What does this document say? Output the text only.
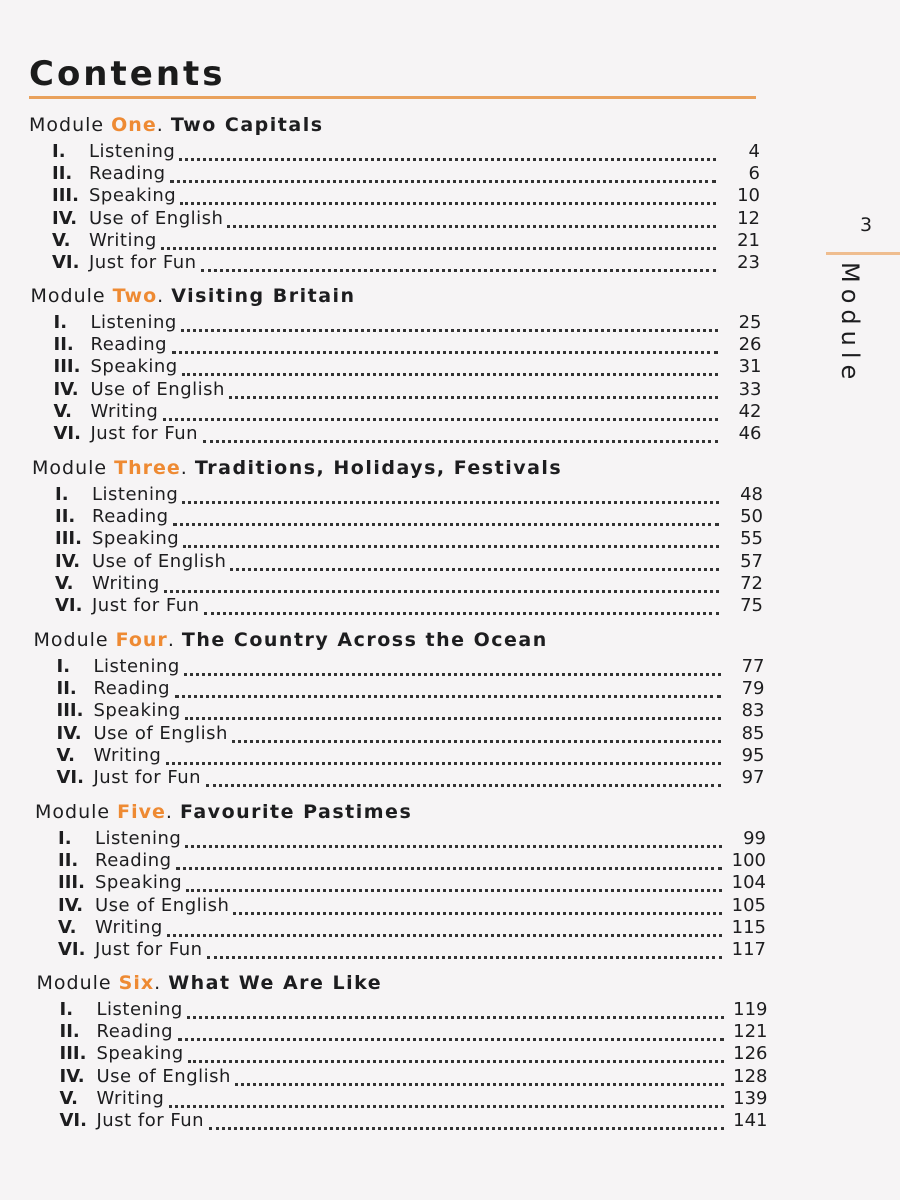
Contents
3
Module
Module One. Two Capitals
I. Listening	4
II. Reading	6
III. Speaking	10
IV. Use of English	12
V. Writing	21
VI. Just for Fun	23
Module Two. Visiting Britain
I. Listening	25
II. Reading	26
III. Speaking	31
IV. Use of English	33
V. Writing	42
VI. Just for Fun	46
Module Three. Traditions, Holidays, Festivals
I. Listening	48
II. Reading	50
III. Speaking	55
IV. Use of English	57
V. Writing	72
VI. Just for Fun	75
Module Four. The Country Across the Ocean
I. Listening	77
II. Reading	79
III. Speaking	83
IV. Use of English	85
V. Writing	95
VI. Just for Fun	97
Module Five. Favourite Pastimes
I. Listening	99
II. Reading	100
III. Speaking	104
IV. Use of English	105
V. Writing	115
VI. Just for Fun	117
Module Six. What We Are Like
I. Listening	119
II. Reading	121
III. Speaking	126
IV. Use of English	128
V. Writing	139
VI. Just for Fun	141
